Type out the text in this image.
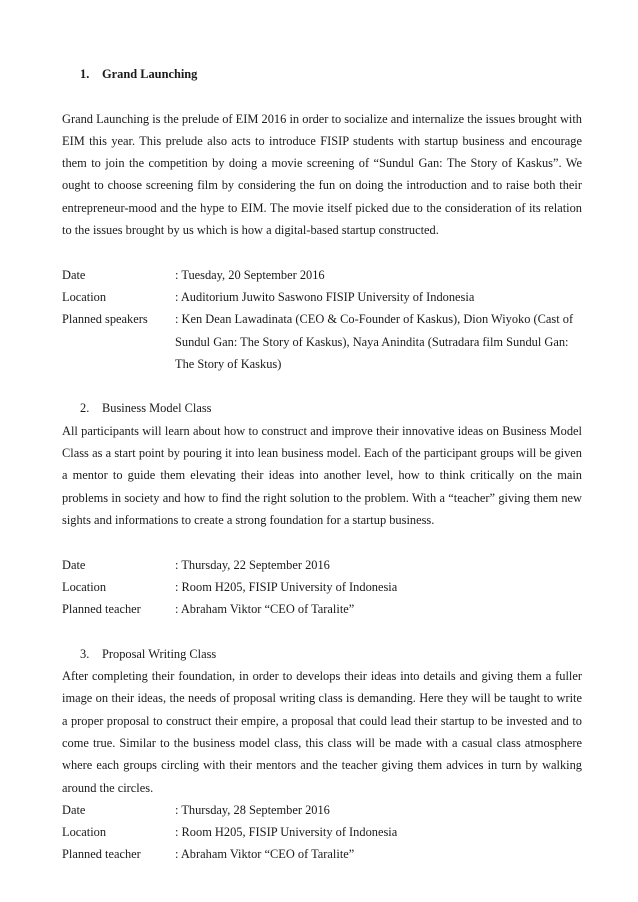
1. Grand Launching

Grand Launching is the prelude of EIM 2016 in order to socialize and internalize the issues brought with EIM this year. This prelude also acts to introduce FISIP students with startup business and encourage them to join the competition by doing a movie screening of “Sundul Gan: The Story of Kaskus”. We ought to choose screening film by considering the fun on doing the introduction and to raise both their entrepreneur-mood and the hype to EIM. The movie itself picked due to the consideration of its relation to the issues brought by us which is how a digital-based startup constructed.

Date	: Tuesday, 20 September 2016
Location	: Auditorium Juwito Saswono FISIP University of Indonesia
Planned speakers	: Ken Dean Lawadinata (CEO & Co-Founder of Kaskus), Dion Wiyoko (Cast of Sundul Gan: The Story of Kaskus), Naya Anindita (Sutradara film Sundul Gan: The Story of Kaskus)
2. Business Model Class

All participants will learn about how to construct and improve their innovative ideas on Business Model Class as a start point by pouring it into lean business model. Each of the participant groups will be given a mentor to guide them elevating their ideas into another level, how to think critically on the main problems in society and how to find the right solution to the problem. With a “teacher” giving them new sights and informations to create a strong foundation for a startup business.

Date	: Thursday, 22 September 2016
Location	: Room H205, FISIP University of Indonesia
Planned teacher	: Abraham Viktor “CEO of Taralite”
3. Proposal Writing Class

After completing their foundation, in order to develops their ideas into details and giving them a fuller image on their ideas, the needs of proposal writing class is demanding. Here they will be taught to write a proper proposal to construct their empire, a proposal that could lead their startup to be invested and to come true. Similar to the business model class, this class will be made with a casual class atmosphere where each groups circling with their mentors and the teacher giving them advices in turn by walking around the circles.

Date	: Thursday, 28 September 2016
Location	: Room H205, FISIP University of Indonesia
Planned teacher	: Abraham Viktor “CEO of Taralite”
